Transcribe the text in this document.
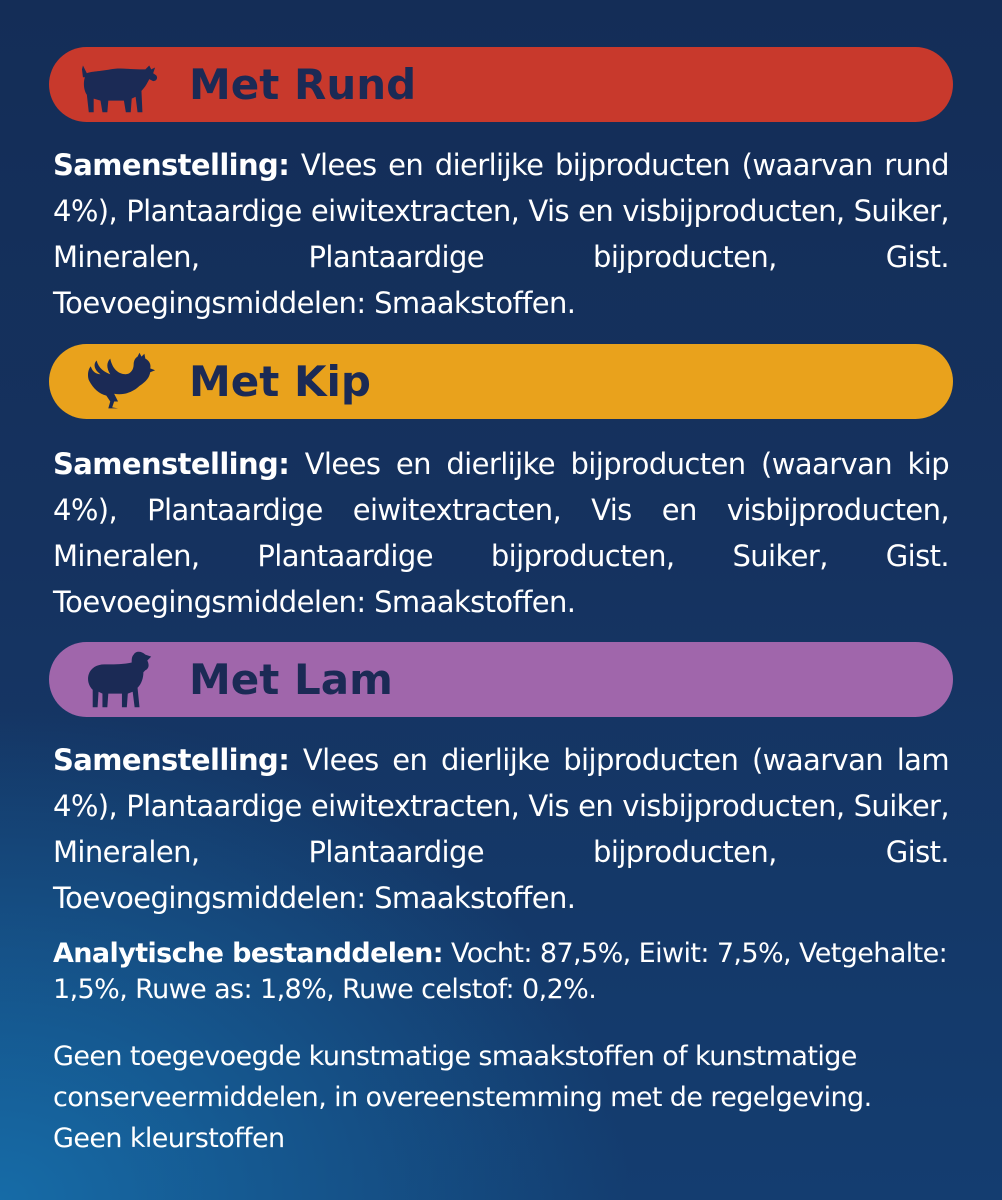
Met Rund
Samenstelling: Vlees en dierlijke bijproducten (waarvan rund 4%), Plantaardige eiwitextracten, Vis en visbijproducten, Suiker, Mineralen, Plantaardige bijproducten, Gist. Toevoegingsmiddelen: Smaakstoffen.
Met Kip
Samenstelling: Vlees en dierlijke bijproducten (waarvan kip 4%), Plantaardige eiwitextracten, Vis en visbijproducten, Mineralen, Plantaardige bijproducten, Suiker, Gist. Toevoegingsmiddelen: Smaakstoffen.
Met Lam
Samenstelling: Vlees en dierlijke bijproducten (waarvan lam 4%), Plantaardige eiwitextracten, Vis en visbijproducten, Suiker, Mineralen, Plantaardige bijproducten, Gist. Toevoegingsmiddelen: Smaakstoffen.
Analytische bestanddelen: Vocht: 87,5%, Eiwit: 7,5%, Vetgehalte: 1,5%, Ruwe as: 1,8%, Ruwe celstof: 0,2%.
Geen toegevoegde kunstmatige smaakstoffen of kunstmatige
conserveermiddelen, in overeenstemming met de regelgeving.
Geen kleurstoffen
